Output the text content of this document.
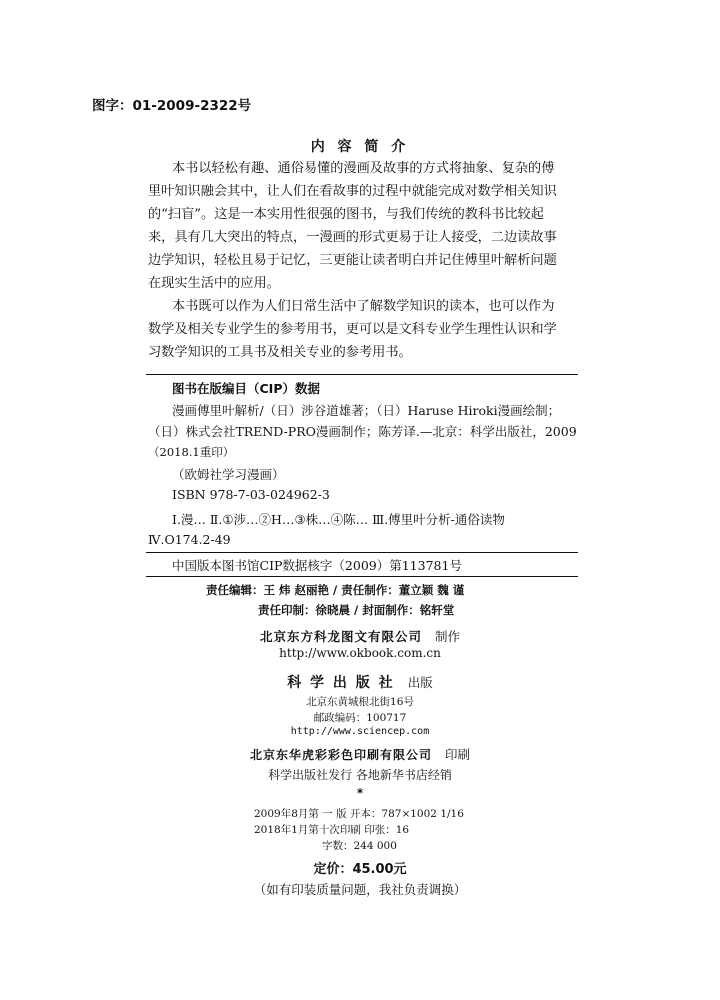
图字：01-2009-2322号
内 容 简 介
本书以轻松有趣、通俗易懂的漫画及故事的方式将抽象、复杂的傅
里叶知识融会其中，让人们在看故事的过程中就能完成对数学相关知识
的“扫盲”。这是一本实用性很强的图书，与我们传统的教科书比较起
来，具有几大突出的特点，一漫画的形式更易于让人接受，二边读故事
边学知识，轻松且易于记忆，三更能让读者明白并记住傅里叶解析问题
在现实生活中的应用。
本书既可以作为人们日常生活中了解数学知识的读本，也可以作为
数学及相关专业学生的参考用书，更可以是文科专业学生理性认识和学
习数学知识的工具书及相关专业的参考用书。
图书在版编目（CIP）数据
漫画傅里叶解析/（日）涉谷道雄著；（日）Haruse Hiroki漫画绘制；
（日）株式会社TREND-PRO漫画制作；陈芳译.—北京：科学出版社，2009
（2018.1重印）
（欧姆社学习漫画）
ISBN 978-7-03-024962-3
Ⅰ.漫… Ⅱ.①涉…②H…③株…④陈… Ⅲ.傅里叶分析-通俗读物
Ⅳ.O174.2-49
中国版本图书馆CIP数据核字（2009）第113781号
责任编辑：王 炜 赵丽艳 / 责任制作：董立颖 魏 谨
责任印制：徐晓晨 / 封面制作：铭轩堂
北京东方科龙图文有限公司 制作
http://www.okbook.com.cn
科 学 出 版 社 出版
北京东黄城根北街16号
邮政编码：100717
http://www.sciencep.com
北京东华虎彩彩色印刷有限公司 印刷
科学出版社发行 各地新华书店经销
*
2009年8月第 一 版 开本：787×1002 1/16
2018年1月第十次印刷 印张：16
字数：244 000
定价：45.00元
（如有印装质量问题，我社负责调换）
